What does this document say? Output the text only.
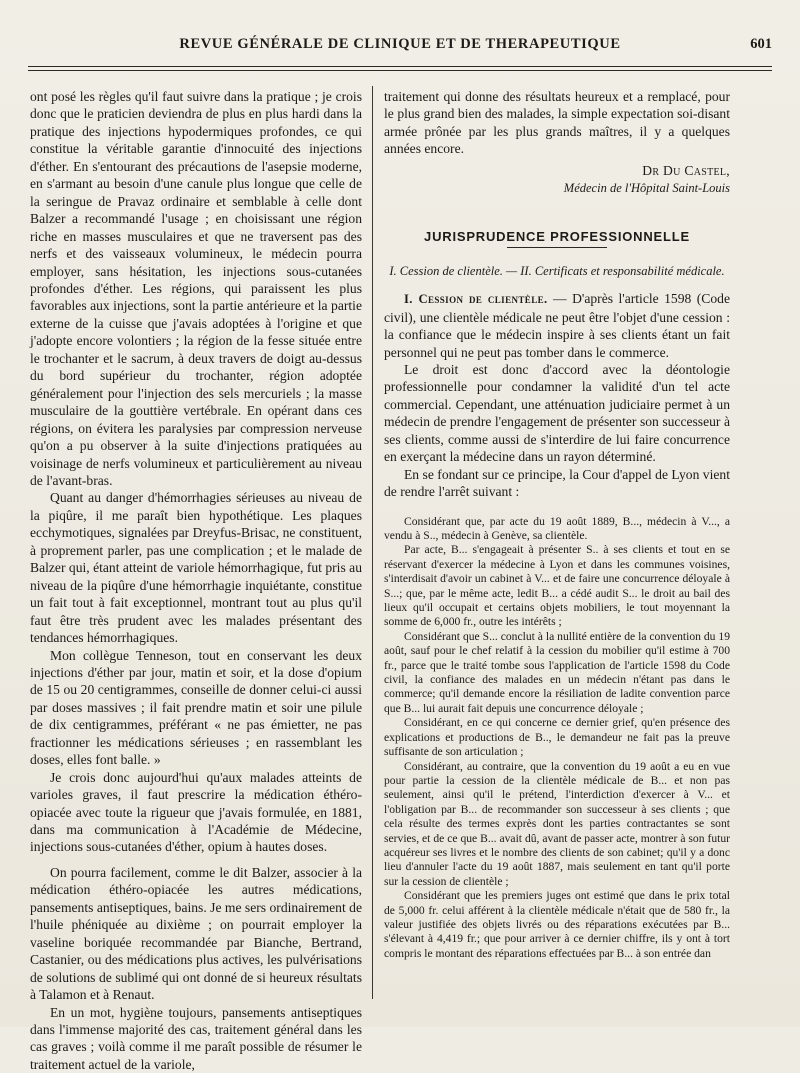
REVUE GÉNÉRALE DE CLINIQUE ET DE THERAPEUTIQUE	601

ont posé les règles qu'il faut suivre dans la pratique ; je crois donc que le praticien deviendra de plus en plus hardi dans la pratique des injections hypodermiques profondes, ce qui constitue la véritable garantie d'innocuité des injections d'éther. En s'entourant des précautions de l'asepsie moderne, en s'armant au besoin d'une canule plus longue que celle de la seringue de Pravaz ordinaire et semblable à celle dont Balzer a recommandé l'usage ; en choisissant une région riche en masses musculaires et que ne traversent pas des nerfs et des vaisseaux volumineux, le médecin pourra employer, sans hésitation, les injections sous-cutanées profondes d'éther. Les régions, qui paraissent les plus favorables aux injections, sont la partie antérieure et la partie externe de la cuisse que j'avais adoptées à l'origine et que j'adopte encore volontiers ; la région de la fesse située entre le trochanter et le sacrum, à deux travers de doigt au-dessus du bord supérieur du trochanter, région adoptée généralement pour l'injection des sels mercuriels ; la masse musculaire de la gouttière vertébrale. En opérant dans ces régions, on évitera les paralysies par compression nerveuse qu'on a pu observer à la suite d'injections pratiquées au voisinage de nerfs volumineux et particulièrement au niveau de l'avant-bras.

Quant au danger d'hémorrhagies sérieuses au niveau de la piqûre, il me paraît bien hypothétique. Les plaques ecchymotiques, signalées par Dreyfus-Brisac, ne constituent, à proprement parler, pas une complication ; et le malade de Balzer qui, étant atteint de variole hémorrhagique, fut pris au niveau de la piqûre d'une hémorrhagie inquiétante, constitue un fait tout à fait exceptionnel, montrant tout au plus qu'il faut être très prudent avec les malades présentant des tendances hémorrhagiques.

Mon collègue Tenneson, tout en conservant les deux injections d'éther par jour, matin et soir, et la dose d'opium de 15 ou 20 centigrammes, conseille de donner celui-ci aussi par doses massives ; il fait prendre matin et soir une pilule de dix centigrammes, préférant « ne pas émietter, ne pas fractionner les médications sérieuses ; en rassemblant les doses, elles font balle. »

Je crois donc aujourd'hui qu'aux malades atteints de varioles graves, il faut prescrire la médication éthéro-opiacée avec toute la rigueur que j'avais formulée, en 1881, dans ma communication à l'Académie de Médecine, injections sous-cutanées d'éther, opium à hautes doses.

On pourra facilement, comme le dit Balzer, associer à la médication éthéro-opiacée les autres médications, pansements antiseptiques, bains. Je me sers ordinairement de l'huile phéniquée au dixième ; on pourrait employer la vaseline boriquée recommandée par Bianche, Bertrand, Castanier, ou des médications plus actives, les pulvérisations de solutions de sublimé qui ont donné de si heureux résultats à Talamon et à Renaut.

En un mot, hygiène toujours, pansements antiseptiques dans l'immense majorité des cas, traitement général dans les cas graves ; voilà comme il me paraît possible de résumer le traitement actuel de la variole,

traitement qui donne des résultats heureux et a remplacé, pour le plus grand bien des malades, la simple expectation soi-disant armée prônée par les plus grands maîtres, il y a quelques années encore.

Dr Du Castel,
Médecin de l'Hôpital Saint-Louis
JURISPRUDENCE PROFESSIONNELLE
I. Cession de clientèle. — II. Certificats et responsabilité médicale.

I. Cession de clientèle. — D'après l'article 1598 (Code civil), une clientèle médicale ne peut être l'objet d'une cession : la confiance que le médecin inspire à ses clients étant un fait personnel qui ne peut pas tomber dans le commerce.

Le droit est donc d'accord avec la déontologie professionnelle pour condamner la validité d'un tel acte commercial. Cependant, une atténuation judiciaire permet à un médecin de prendre l'engagement de présenter son successeur à ses clients, comme aussi de s'interdire de lui faire concurrence en exerçant la médecine dans un rayon déterminé.

En se fondant sur ce principe, la Cour d'appel de Lyon vient de rendre l'arrêt suivant :

Considérant que, par acte du 19 août 1889, B..., médecin à V..., a vendu à S.., médecin à Genève, sa clientèle.

Par acte, B... s'engageait à présenter S.. à ses clients et tout en se réservant d'exercer la médecine à Lyon et dans les communes voisines, s'interdisait d'avoir un cabinet à V... et de faire une concurrence déloyale à S...; que, par le même acte, ledit B... a cédé audit S... le droit au bail des lieux qu'il occupait et certains objets mobiliers, le tout moyennant la somme de 6,000 fr., outre les intérêts ;

Considérant que S... conclut à la nullité entière de la convention du 19 août, sauf pour le chef relatif à la cession du mobilier qu'il estime à 700 fr., parce que le traité tombe sous l'application de l'article 1598 du Code civil, la confiance des malades en un médecin n'étant pas dans le commerce; qu'il demande encore la résiliation de ladite convention parce que B... lui aurait fait depuis une concurrence déloyale ;

Considérant, en ce qui concerne ce dernier grief, qu'en présence des explications et productions de B.., le demandeur ne fait pas la preuve suffisante de son articulation ;

Considérant, au contraire, que la convention du 19 août a eu en vue pour partie la cession de la clientèle médicale de B... et non pas seulement, ainsi qu'il le prétend, l'interdiction d'exercer à V... et l'obligation par B... de recommander son successeur à ses clients ; que cela résulte des termes exprès dont les parties contractantes se sont servies, et de ce que B... avait dû, avant de passer acte, montrer à son futur acquéreur ses livres et le nombre des clients de son cabinet; qu'il y a donc lieu d'annuler l'acte du 19 août 1887, mais seulement en tant qu'il porte sur la cession de clientèle ;

Considérant que les premiers juges ont estimé que dans le prix total de 5,000 fr. celui afférent à la clientèle médicale n'était que de 580 fr., la valeur justifiée des objets livrés ou des réparations exécutées par B... s'élevant à 4,419 fr.; que pour arriver à ce dernier chiffre, ils y ont à tort compris le montant des réparations effectuées par B... à son entrée dan
